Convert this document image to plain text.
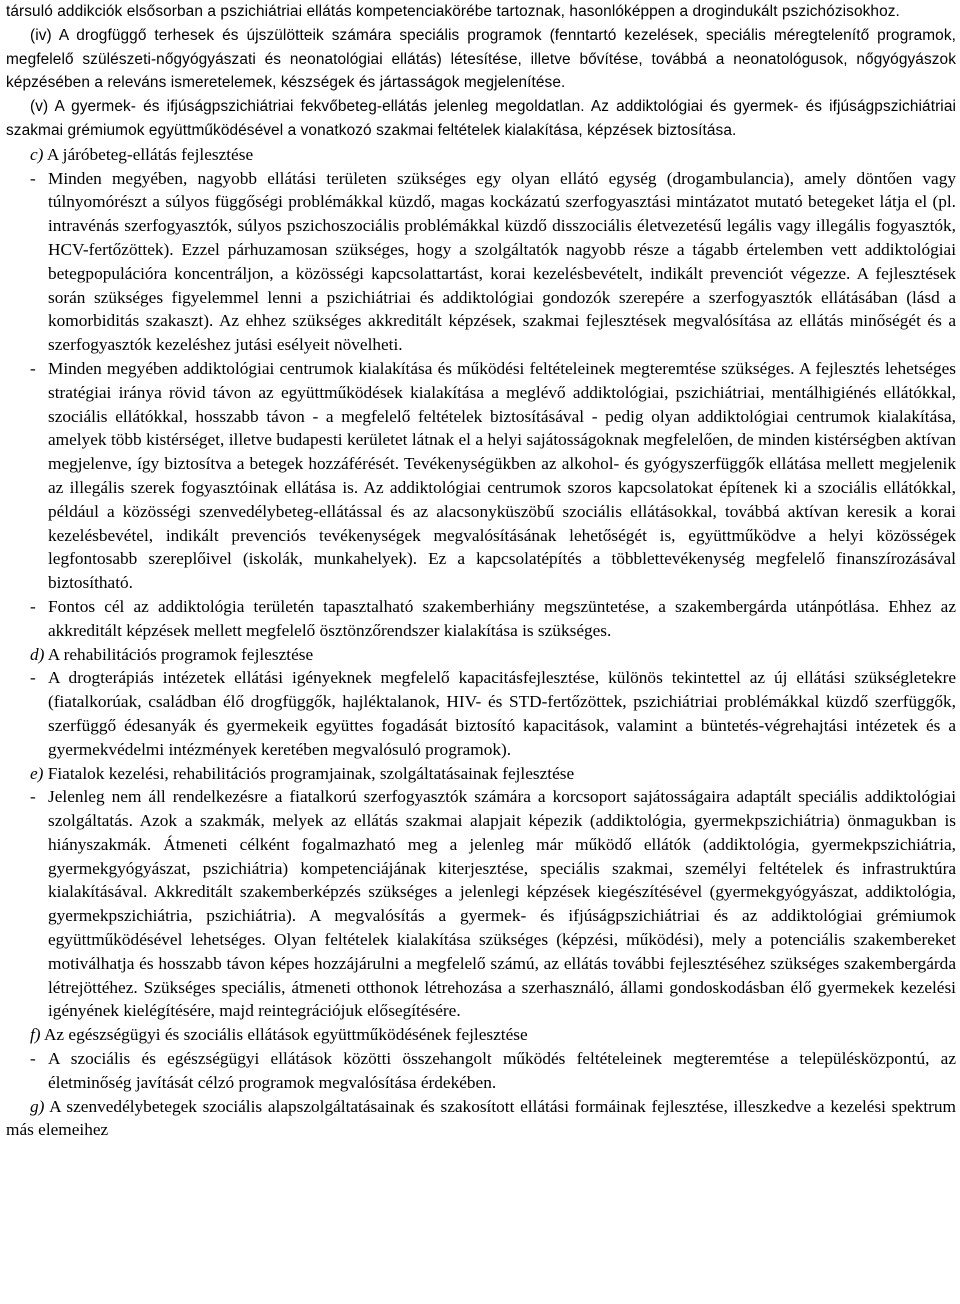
társuló addikciók elsősorban a pszichiátriai ellátás kompetenciakörébe tartoznak, hasonlóképpen a drogindukált pszichózisokhoz.

(iv) A drogfüggő terhesek és újszülötteik számára speciális programok (fenntartó kezelések, speciális méregtelenítő programok, megfelelő szülészeti-nőgyógyászati és neonatológiai ellátás) létesítése, illetve bővítése, továbbá a neonatológusok, nőgyógyászok képzésében a releváns ismeretelemek, készségek és jártasságok megjelenítése.

(v) A gyermek- és ifjúságpszichiátriai fekvőbeteg-ellátás jelenleg megoldatlan. Az addiktológiai és gyermek- és ifjúságpszichiátriai szakmai grémiumok együttműködésével a vonatkozó szakmai feltételek kialakítása, képzések biztosítása.

c) A járóbeteg-ellátás fejlesztése

- Minden megyében, nagyobb ellátási területen szükséges egy olyan ellátó egység (drogambulancia), amely döntően vagy túlnyomórészt a súlyos függőségi problémákkal küzdő, magas kockázatú szerfogyasztási mintázatot mutató betegeket látja el (pl. intravénás szerfogyasztók, súlyos pszichoszociális problémákkal küzdő disszociális életvezetésű legális vagy illegális fogyasztók, HCV-fertőzöttek). Ezzel párhuzamosan szükséges, hogy a szolgáltatók nagyobb része a tágabb értelemben vett addiktológiai betegpopulációra koncentráljon, a közösségi kapcsolattartást, korai kezelésbevételt, indikált prevenciót végezze. A fejlesztések során szükséges figyelemmel lenni a pszichiátriai és addiktológiai gondozók szerepére a szerfogyasztók ellátásában (lásd a komorbiditás szakaszt). Az ehhez szükséges akkreditált képzések, szakmai fejlesztések megvalósítása az ellátás minőségét és a szerfogyasztók kezeléshez jutási esélyeit növelheti.

- Minden megyében addiktológiai centrumok kialakítása és működési feltételeinek megteremtése szükséges. A fejlesztés lehetséges stratégiai iránya rövid távon az együttműködések kialakítása a meglévő addiktológiai, pszichiátriai, mentálhigiénés ellátókkal, szociális ellátókkal, hosszabb távon - a megfelelő feltételek biztosításával - pedig olyan addiktológiai centrumok kialakítása, amelyek több kistérséget, illetve budapesti kerületet látnak el a helyi sajátosságoknak megfelelően, de minden kistérségben aktívan megjelenve, így biztosítva a betegek hozzáférését. Tevékenységükben az alkohol- és gyógyszerfüggők ellátása mellett megjelenik az illegális szerek fogyasztóinak ellátása is. Az addiktológiai centrumok szoros kapcsolatokat építenek ki a szociális ellátókkal, például a közösségi szenvedélybeteg-ellátással és az alacsonyküszöbű szociális ellátásokkal, továbbá aktívan keresik a korai kezelésbevétel, indikált prevenciós tevékenységek megvalósításának lehetőségét is, együttműködve a helyi közösségek legfontosabb szereplőivel (iskolák, munkahelyek). Ez a kapcsolatépítés a többlettevékenység megfelelő finanszírozásával biztosítható.

- Fontos cél az addiktológia területén tapasztalható szakemberhiány megszüntetése, a szakembergárda utánpótlása. Ehhez az akkreditált képzések mellett megfelelő ösztönzőrendszer kialakítása is szükséges.

d) A rehabilitációs programok fejlesztése

- A drogterápiás intézetek ellátási igényeknek megfelelő kapacitásfejlesztése, különös tekintettel az új ellátási szükségletekre (fiatalkorúak, családban élő drogfüggők, hajléktalanok, HIV- és STD-fertőzöttek, pszichiátriai problémákkal küzdő szerfüggők, szerfüggő édesanyák és gyermekeik együttes fogadását biztosító kapacitások, valamint a büntetés-végrehajtási intézetek és a gyermekvédelmi intézmények keretében megvalósuló programok).

e) Fiatalok kezelési, rehabilitációs programjainak, szolgáltatásainak fejlesztése

- Jelenleg nem áll rendelkezésre a fiatalkorú szerfogyasztók számára a korcsoport sajátosságaira adaptált speciális addiktológiai szolgáltatás. Azok a szakmák, melyek az ellátás szakmai alapjait képezik (addiktológia, gyermekpszichiátria) önmagukban is hiányszakmák. Átmeneti célként fogalmazható meg a jelenleg már működő ellátók (addiktológia, gyermekpszichiátria, gyermekgyógyászat, pszichiátria) kompetenciájának kiterjesztése, speciális szakmai, személyi feltételek és infrastruktúra kialakításával. Akkreditált szakemberképzés szükséges a jelenlegi képzések kiegészítésével (gyermekgyógyászat, addiktológia, gyermekpszichiátria, pszichiátria). A megvalósítás a gyermek- és ifjúságpszichiátriai és az addiktológiai grémiumok együttműködésével lehetséges. Olyan feltételek kialakítása szükséges (képzési, működési), mely a potenciális szakembereket motiválhatja és hosszabb távon képes hozzájárulni a megfelelő számú, az ellátás további fejlesztéséhez szükséges szakembergárda létrejöttéhez. Szükséges speciális, átmeneti otthonok létrehozása a szerhasználó, állami gondoskodásban élő gyermekek kezelési igényének kielégítésére, majd reintegrációjuk elősegítésére.

f) Az egészségügyi és szociális ellátások együttműködésének fejlesztése

- A szociális és egészségügyi ellátások közötti összehangolt működés feltételeinek megteremtése a településközpontú, az életminőség javítását célzó programok megvalósítása érdekében.

g) A szenvedélybetegek szociális alapszolgáltatásainak és szakosított ellátási formáinak fejlesztése, illeszkedve a kezelési spektrum más elemeihez
